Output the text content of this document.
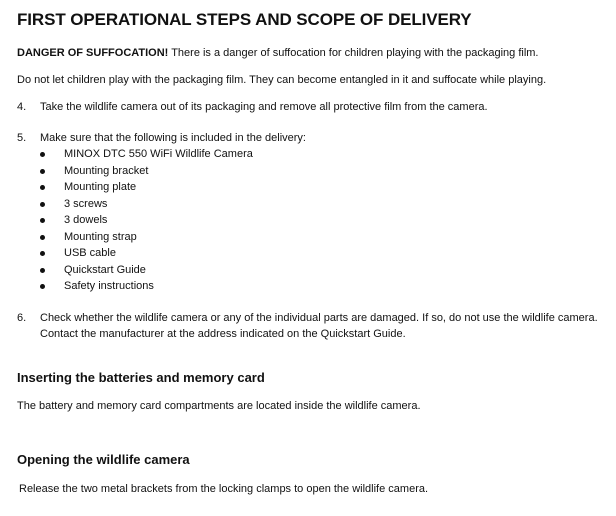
FIRST OPERATIONAL STEPS AND SCOPE OF DELIVERY
DANGER OF SUFFOCATION! There is a danger of suffocation for children playing with the packaging film.
Do not let children play with the packaging film. They can become entangled in it and suffocate while playing.
4. Take the wildlife camera out of its packaging and remove all protective film from the camera.
5. Make sure that the following is included in the delivery:
MINOX DTC 550 WiFi Wildlife Camera
Mounting bracket
Mounting plate
3 screws
3 dowels
Mounting strap
USB cable
Quickstart Guide
Safety instructions
6. Check whether the wildlife camera or any of the individual parts are damaged. If so, do not use the wildlife camera.
Contact the manufacturer at the address indicated on the Quickstart Guide.
Inserting the batteries and memory card
The battery and memory card compartments are located inside the wildlife camera.
Opening the wildlife camera
Release the two metal brackets from the locking clamps to open the wildlife camera.
